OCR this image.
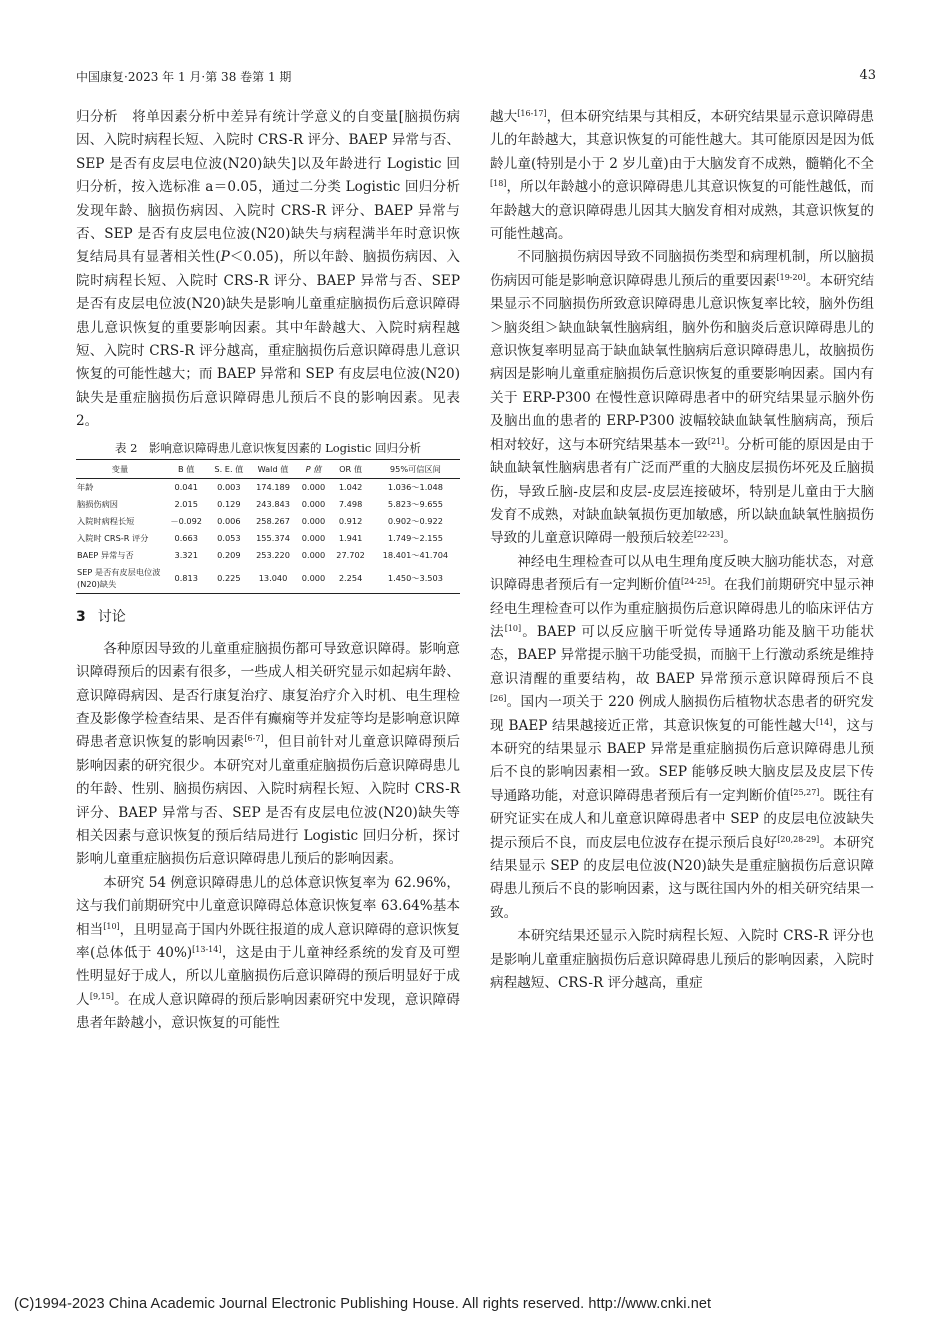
中国康复·2023 年 1 月·第 38 卷第 1 期	43

归分析　将单因素分析中差异有统计学意义的自变量[脑损伤病因、入院时病程长短、入院时 CRS-R 评分、BAEP 异常与否、SEP 是否有皮层电位波(N20)缺失]以及年龄进行 Logistic 回归分析，按入选标准 a＝0.05，通过二分类 Logistic 回归分析发现年龄、脑损伤病因、入院时 CRS-R 评分、BAEP 异常与否、SEP 是否有皮层电位波(N20)缺失与病程满半年时意识恢复结局具有显著相关性(P＜0.05)，所以年龄、脑损伤病因、入院时病程长短、入院时 CRS-R 评分、BAEP 异常与否、SEP 是否有皮层电位波(N20)缺失是影响儿童重症脑损伤后意识障碍患儿意识恢复的重要影响因素。其中年龄越大、入院时病程越短、入院时 CRS-R 评分越高，重症脑损伤后意识障碍患儿意识恢复的可能性越大；而 BAEP 异常和 SEP 有皮层电位波(N20)缺失是重症脑损伤后意识障碍患儿预后不良的影响因素。见表 2。

表 2　影响意识障碍患儿意识恢复因素的 Logistic 回归分析
变量	B 值	S. E. 值	Wald 值	P 值	OR 值	95%可信区间
年龄	0.041	0.003	174.189	0.000	1.042	1.036～1.048
脑损伤病因	2.015	0.129	243.843	0.000	7.498	5.823～9.655
入院时病程长短	－0.092	0.006	258.267	0.000	0.912	0.902～0.922
入院时 CRS-R 评分	0.663	0.053	155.374	0.000	1.941	1.749～2.155
BAEP 异常与否	3.321	0.209	253.220	0.000	27.702	18.401～41.704
SEP 是否有皮层电位波(N20)缺失	0.813	0.225	13.040	0.000	2.254	1.450～3.503
3 讨论

各种原因导致的儿童重症脑损伤都可导致意识障碍。影响意识障碍预后的因素有很多，一些成人相关研究显示如起病年龄、意识障碍病因、是否行康复治疗、康复治疗介入时机、电生理检查及影像学检查结果、是否伴有癫痫等并发症等均是影响意识障碍患者意识恢复的影响因素[6-7]，但目前针对儿童意识障碍预后影响因素的研究很少。本研究对儿童重症脑损伤后意识障碍患儿的年龄、性别、脑损伤病因、入院时病程长短、入院时 CRS-R 评分、BAEP 异常与否、SEP 是否有皮层电位波(N20)缺失等相关因素与意识恢复的预后结局进行 Logistic 回归分析，探讨影响儿童重症脑损伤后意识障碍患儿预后的影响因素。

本研究 54 例意识障碍患儿的总体意识恢复率为 62.96%，这与我们前期研究中儿童意识障碍总体意识恢复率 63.64%基本相当[10]，且明显高于国内外既往报道的成人意识障碍的意识恢复率(总体低于 40%)[13-14]，这是由于儿童神经系统的发育及可塑性明显好于成人，所以儿童脑损伤后意识障碍的预后明显好于成人[9,15]。在成人意识障碍的预后影响因素研究中发现，意识障碍患者年龄越小，意识恢复的可能性

越大[16-17]，但本研究结果与其相反，本研究结果显示意识障碍患儿的年龄越大，其意识恢复的可能性越大。其可能原因是因为低龄儿童(特别是小于 2 岁儿童)由于大脑发育不成熟，髓鞘化不全[18]，所以年龄越小的意识障碍患儿其意识恢复的可能性越低，而年龄越大的意识障碍患儿因其大脑发育相对成熟，其意识恢复的可能性越高。

不同脑损伤病因导致不同脑损伤类型和病理机制，所以脑损伤病因可能是影响意识障碍患儿预后的重要因素[19-20]。本研究结果显示不同脑损伤所致意识障碍患儿意识恢复率比较，脑外伤组＞脑炎组＞缺血缺氧性脑病组，脑外伤和脑炎后意识障碍患儿的意识恢复率明显高于缺血缺氧性脑病后意识障碍患儿，故脑损伤病因是影响儿童重症脑损伤后意识恢复的重要影响因素。国内有关于 ERP-P300 在慢性意识障碍患者中的研究结果显示脑外伤及脑出血的患者的 ERP-P300 波幅较缺血缺氧性脑病高，预后相对较好，这与本研究结果基本一致[21]。分析可能的原因是由于缺血缺氧性脑病患者有广泛而严重的大脑皮层损伤坏死及丘脑损伤，导致丘脑-皮层和皮层-皮层连接破坏，特别是儿童由于大脑发育不成熟，对缺血缺氧损伤更加敏感，所以缺血缺氧性脑损伤导致的儿童意识障碍一般预后较差[22-23]。

神经电生理检查可以从电生理角度反映大脑功能状态，对意识障碍患者预后有一定判断价值[24-25]。在我们前期研究中显示神经电生理检查可以作为重症脑损伤后意识障碍患儿的临床评估方法[10]。BAEP 可以反应脑干听觉传导通路功能及脑干功能状态，BAEP 异常提示脑干功能受损，而脑干上行激动系统是维持意识清醒的重要结构，故 BAEP 异常预示意识障碍预后不良[26]。国内一项关于 220 例成人脑损伤后植物状态患者的研究发现 BAEP 结果越接近正常，其意识恢复的可能性越大[14]，这与本研究的结果显示 BAEP 异常是重症脑损伤后意识障碍患儿预后不良的影响因素相一致。SEP 能够反映大脑皮层及皮层下传导通路功能，对意识障碍患者预后有一定判断价值[25,27]。既往有研究证实在成人和儿童意识障碍患者中 SEP 的皮层电位波缺失提示预后不良，而皮层电位波存在提示预后良好[20,28-29]。本研究结果显示 SEP 的皮层电位波(N20)缺失是重症脑损伤后意识障碍患儿预后不良的影响因素，这与既往国内外的相关研究结果一致。

本研究结果还显示入院时病程长短、入院时 CRS-R 评分也是影响儿童重症脑损伤后意识障碍患儿预后的影响因素，入院时病程越短、CRS-R 评分越高，重症

(C)1994-2023 China Academic Journal Electronic Publishing House. All rights reserved. http://www.cnki.net
